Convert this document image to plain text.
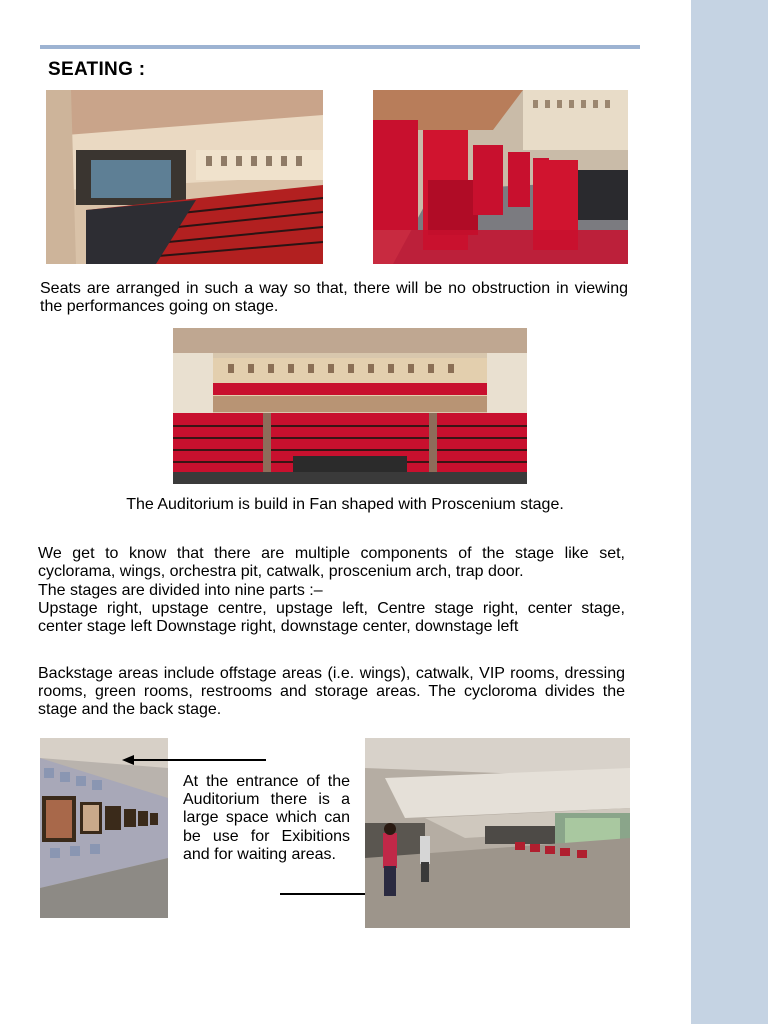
SEATING :
Seats are arranged in such a way so that, there will be no obstruction in viewing the performances going on stage.
The Auditorium is build in Fan shaped with Proscenium stage.
We get to know that there are multiple components of the stage like set, cyclorama, wings, orchestra pit, catwalk, proscenium arch, trap door.
The stages are divided into nine parts :–
Upstage right, upstage centre, upstage left, Centre stage right, center stage, center stage left Downstage right, downstage center, downstage left
Backstage areas include offstage areas (i.e. wings), catwalk, VIP rooms, dressing rooms, green rooms, restrooms and storage areas. The cycloroma divides the stage and the back stage.
At the entrance of the Auditorium there is a large space which can be use for Exibitions and for waiting areas.
